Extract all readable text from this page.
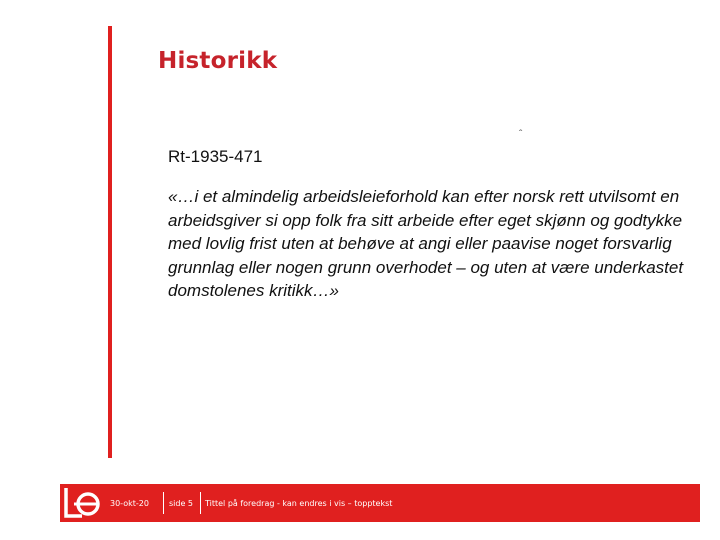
Historikk
ˆ
Rt-1935-471
«…i et almindelig arbeidsleieforhold kan efter norsk rett utvilsomt en arbeidsgiver si opp folk fra sitt arbeide efter eget skjønn og godtykke med lovlig frist uten at behøve at angi eller paavise noget forsvarlig grunnlag eller nogen grunn overhodet – og uten at være underkastet domstolenes kritikk…»
30-okt-20	side 5 Tittel på foredrag - kan endres i vis – topptekst
